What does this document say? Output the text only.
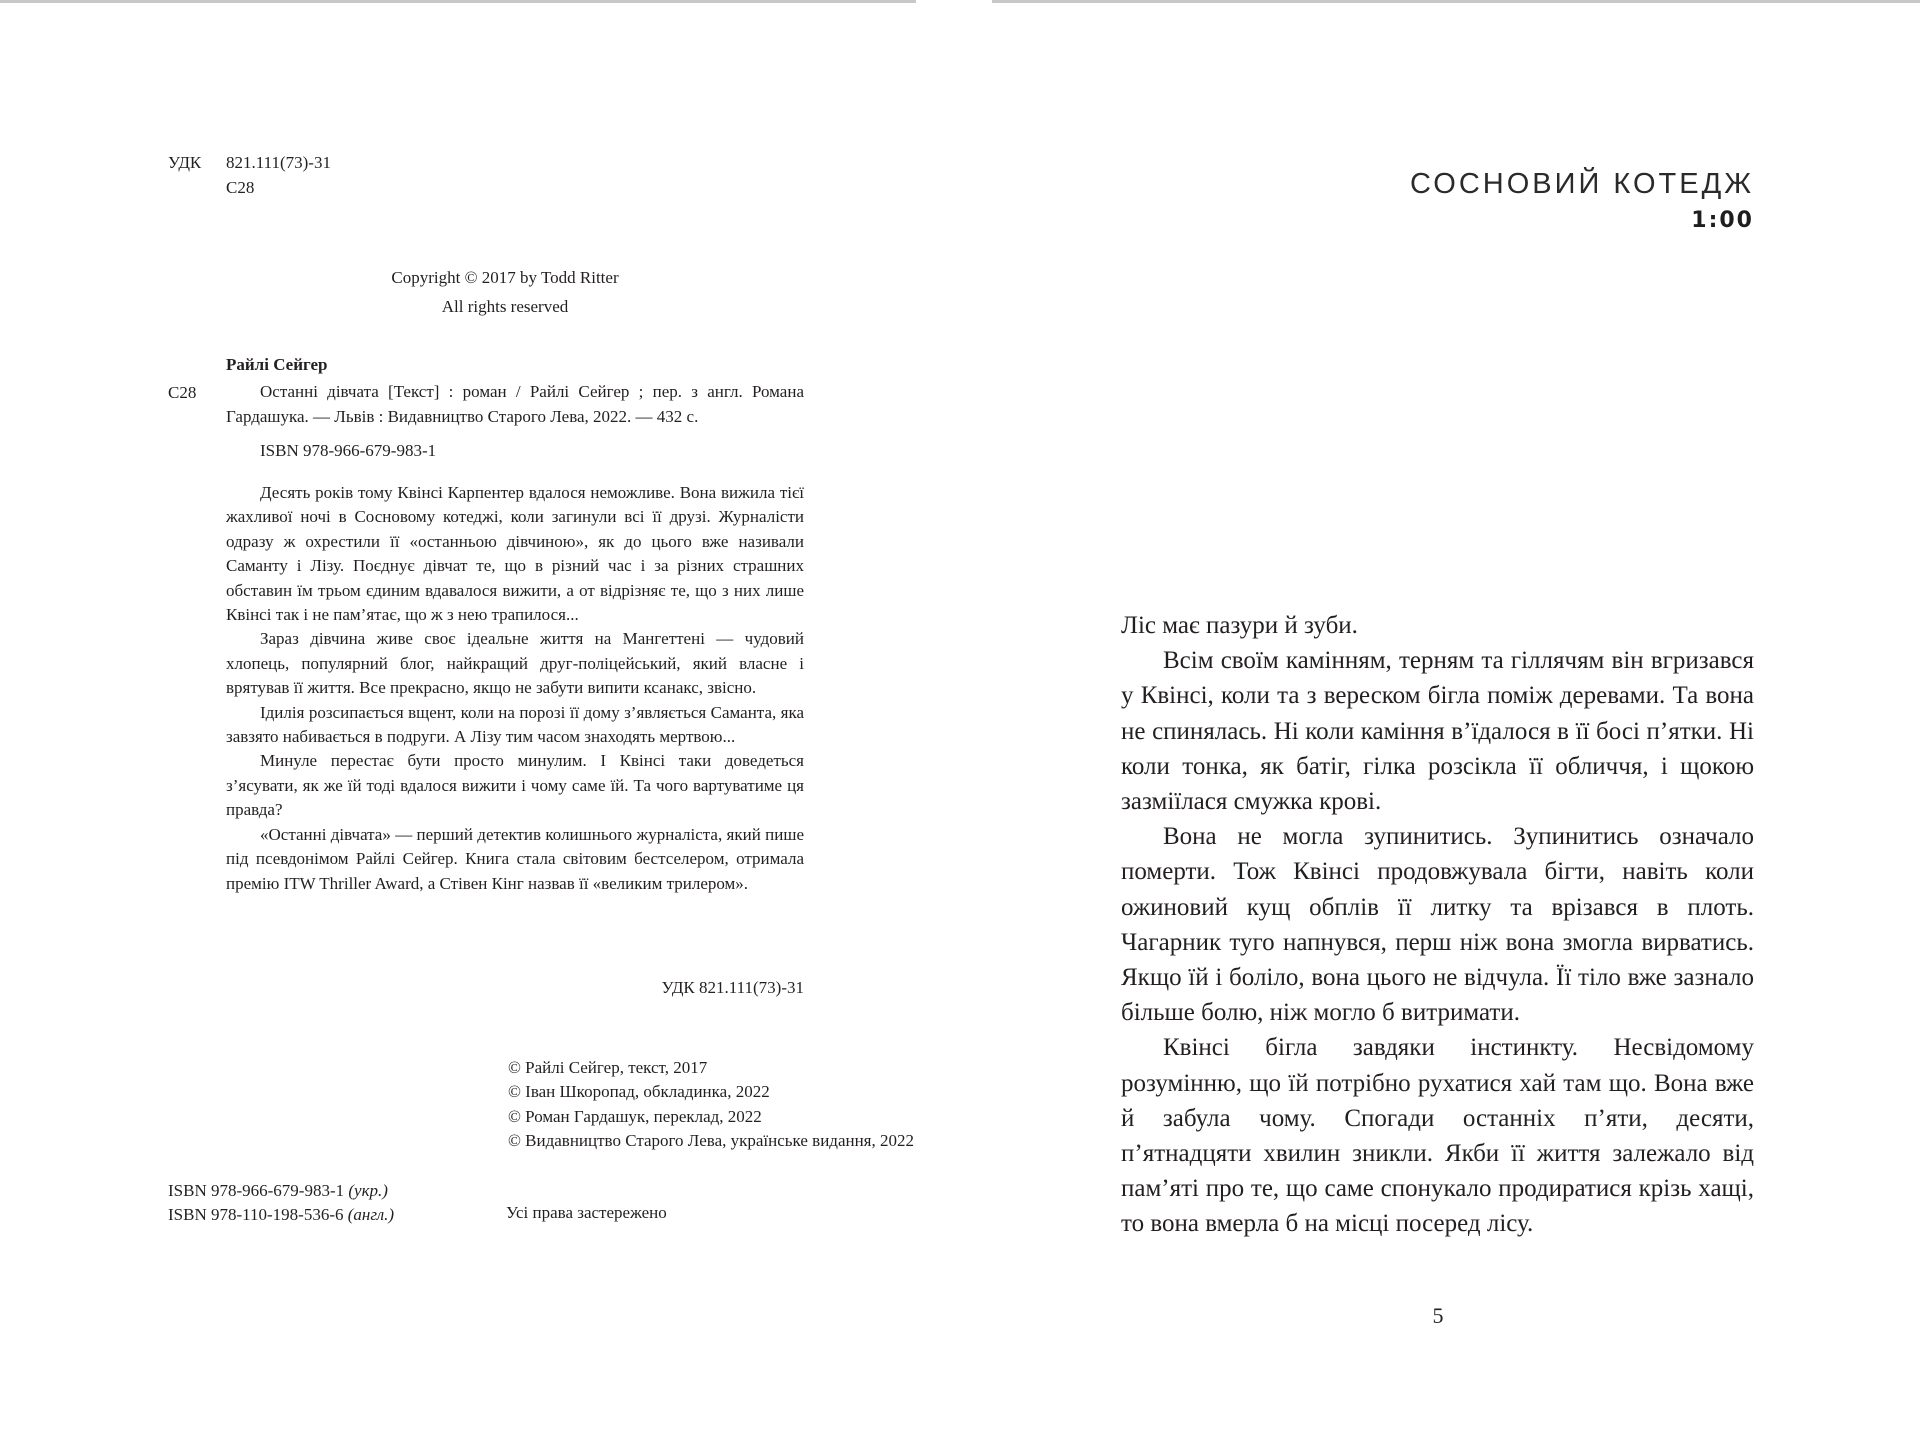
УДК	821.111(73)-31
С28
Copyright © 2017 by Todd Ritter
All rights reserved
Райлі Сейгер
С28	Останні дівчата [Текст] : роман / Райлі Сейгер ; пер. з англ. Романа Гардашука. — Львів : Видавництво Старого Лева, 2022. — 432 с.
ISBN 978-966-679-983-1

Десять років тому Квінсі Карпентер вдалося неможливе. Вона вижила тієї жахливої ночі в Сосновому котеджі, коли загинули всі її друзі. Журналісти одразу ж охрестили її «останньою дівчиною», як до цього вже називали Саманту і Лізу. Поєднує дівчат те, що в різний час і за різних страшних обставин їм трьом єдиним вдавалося вижити, а от відрізняє те, що з них лише Квінсі так і не пам’ятає, що ж з нею трапилося...

Зараз дівчина живе своє ідеальне життя на Мангеттені — чудовий хлопець, популярний блог, найкращий друг-поліцейський, який власне і врятував її життя. Все прекрасно, якщо не забути випити ксанакс, звісно.

Ідилія розсипається вщент, коли на порозі її дому з’являється Саманта, яка завзято набивається в подруги. А Лізу тим часом знаходять мертвою...

Минуле перестає бути просто минулим. І Квінсі таки доведеться з’ясувати, як же їй тоді вдалося вижити і чому саме їй. Та чого вартуватиме ця правда?

«Останні дівчата» — перший детектив колишнього журналіста, який пише під псевдонімом Райлі Сейгер. Книга стала світовим бестселером, отримала премію ITW Thriller Award, а Стівен Кінг назвав її «великим трилером».

УДК 821.111(73)-31
© Райлі Сейгер, текст, 2017
© Іван Шкоропад, обкладинка, 2022
© Роман Гардашук, переклад, 2022
© Видавництво Старого Лева, українське видання, 2022
ISBN 978-966-679-983-1 (укр.)
ISBN 978-110-198-536-6 (англ.)	Усі права застережено
СОСНОВИЙ КОТЕДЖ
1:00

Ліс має пазури й зуби.

Всім своїм камінням, терням та гіллячям він вгризався у Квінсі, коли та з вереском бігла поміж деревами. Та вона не спинялась. Ні коли каміння в’їдалося в її босі п’ятки. Ні коли тонка, як батіг, гілка розсікла її обличчя, і щокою зазміїлася смужка крові.

Вона не могла зупинитись. Зупинитись означало померти. Тож Квінсі продовжувала бігти, навіть коли ожиновий кущ обплів її литку та врізався в плоть. Чагарник туго напнувся, перш ніж вона змогла вирватись. Якщо їй і боліло, вона цього не відчула. Її тіло вже зазнало більше болю, ніж могло б витримати.

Квінсі бігла завдяки інстинкту. Несвідомому розумінню, що їй потрібно рухатися хай там що. Вона вже й забула чому. Спогади останніх п’яти, десяти, п’ятнадцяти хвилин зникли. Якби її життя залежало від пам’яті про те, що саме спонукало продиратися крізь хащі, то вона вмерла б на місці посеред лісу.

5
